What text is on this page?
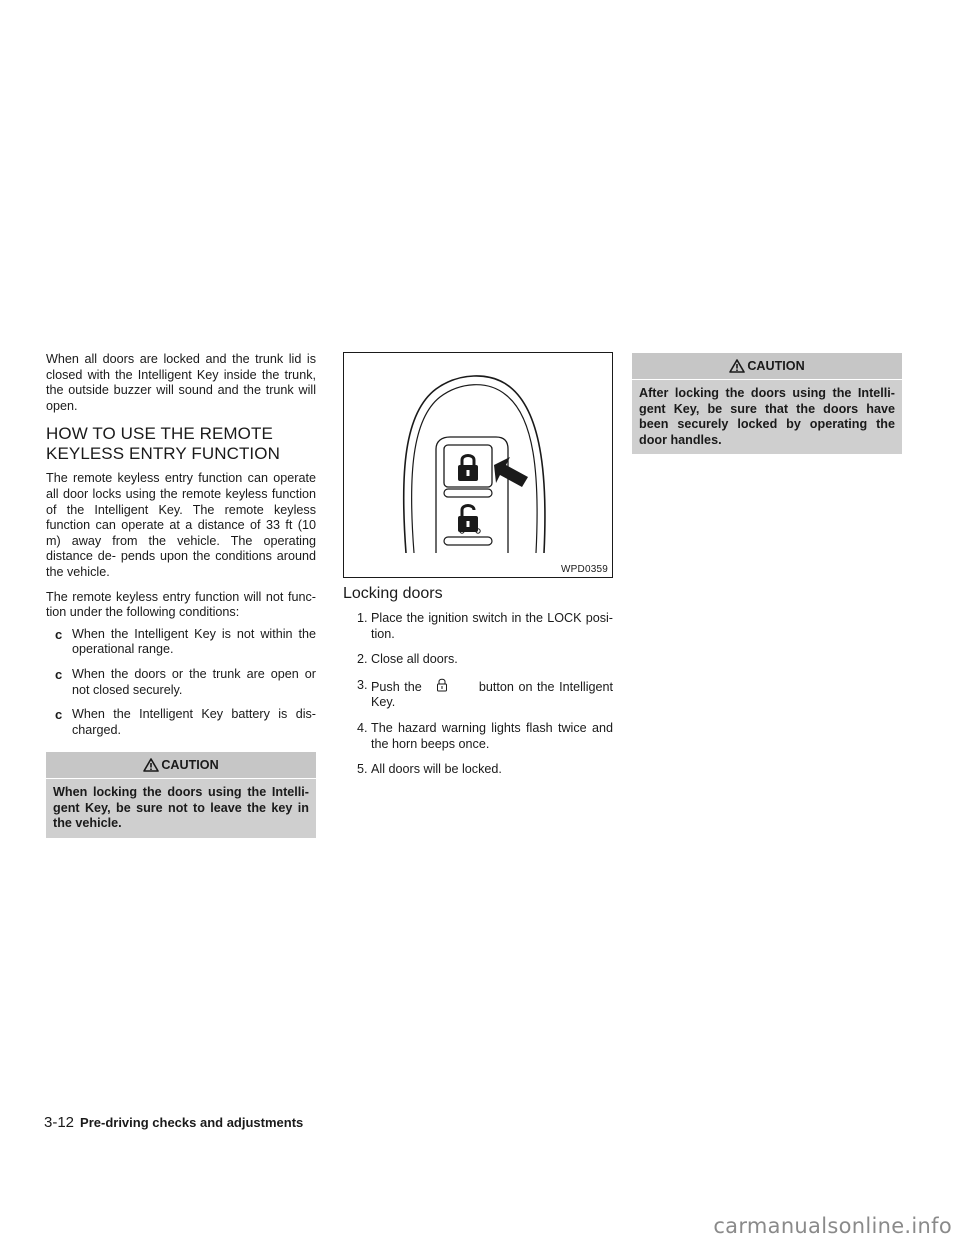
When all doors are locked and the trunk lid is closed with the Intelligent Key inside the trunk, the outside buzzer will sound and the trunk will open.

HOW TO USE THE REMOTE
KEYLESS ENTRY FUNCTION

The remote keyless entry function can operate all door locks using the remote keyless function of the Intelligent Key. The remote keyless function can operate at a distance of 33 ft (10 m) away from the vehicle. The operating distance de- pends upon the conditions around the vehicle.

The remote keyless entry function will not func- tion under the following conditions:

c When the Intelligent Key is not within the operational range.
c When the doors or the trunk are open or not closed securely.
c When the Intelligent Key battery is dis- charged.
CAUTION
When locking the doors using the Intelli- gent Key, be sure not to leave the key in the vehicle.
WPD0359
Locking doors
1. Place the ignition switch in the LOCK posi- tion.
2. Close all doors.
3. Push the	button on the Intelligent Key.
4. The hazard warning lights flash twice and the horn beeps once.
5. All doors will be locked.
CAUTION
After locking the doors using the Intelli- gent Key, be sure that the doors have been securely locked by operating the door handles.
3-12 Pre-driving checks and adjustments
carmanualsonline.info
